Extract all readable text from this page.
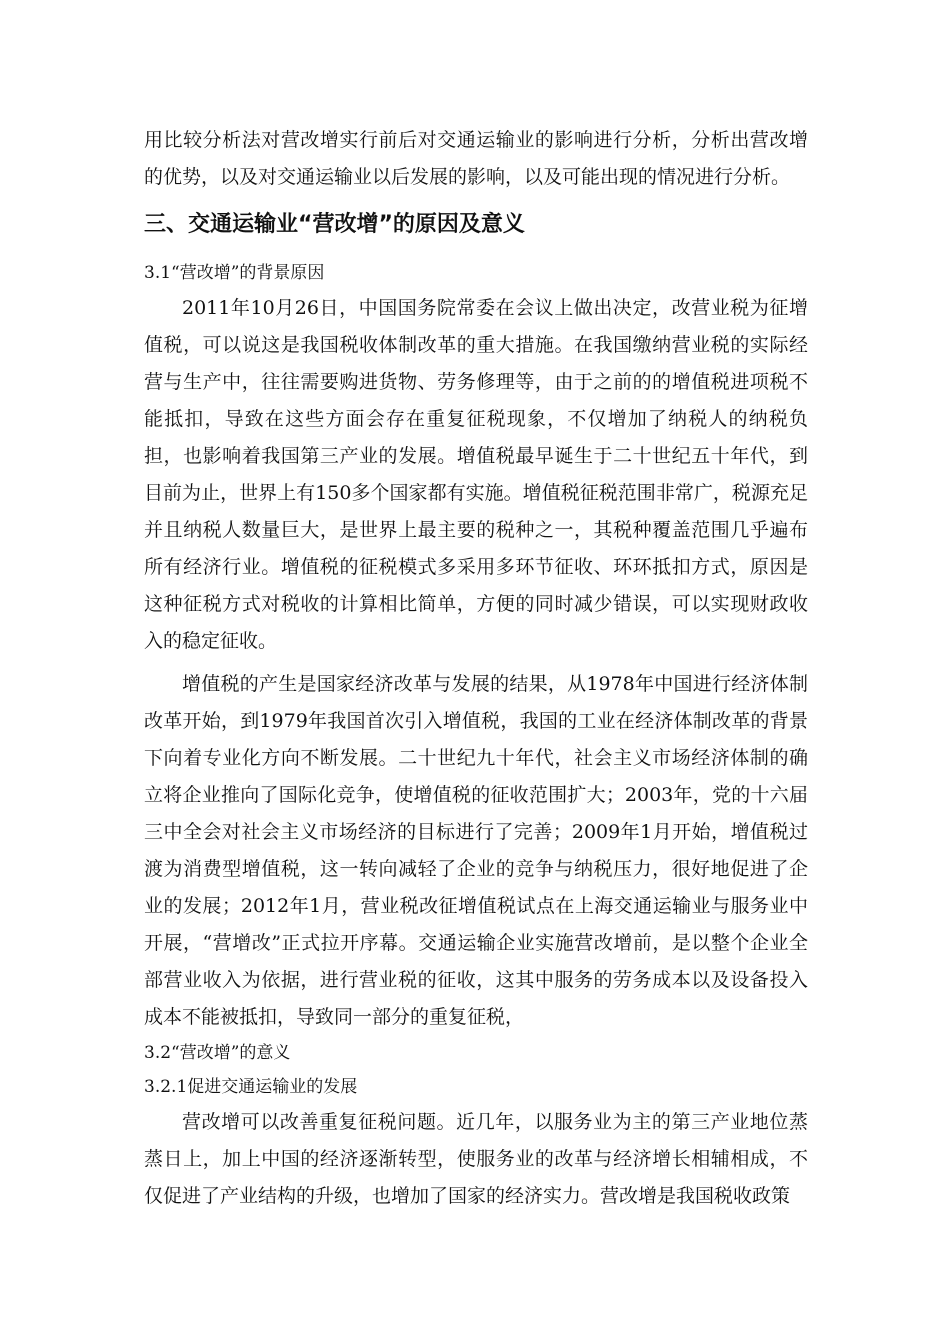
用比较分析法对营改增实行前后对交通运输业的影响进行分析，分析出营改增的优势，以及对交通运输业以后发展的影响，以及可能出现的情况进行分析。

三、交通运输业“营改增”的原因及意义

3.1“营改增”的背景原因

2011年10月26日，中国国务院常委在会议上做出决定，改营业税为征增值税，可以说这是我国税收体制改革的重大措施。在我国缴纳营业税的实际经营与生产中，往往需要购进货物、劳务修理等，由于之前的的增值税进项税不能抵扣，导致在这些方面会存在重复征税现象，不仅增加了纳税人的纳税负担，也影响着我国第三产业的发展。增值税最早诞生于二十世纪五十年代，到目前为止，世界上有150多个国家都有实施。增值税征税范围非常广，税源充足并且纳税人数量巨大，是世界上最主要的税种之一，其税种覆盖范围几乎遍布所有经济行业。增值税的征税模式多采用多环节征收、环环抵扣方式，原因是这种征税方式对税收的计算相比简单，方便的同时减少错误，可以实现财政收入的稳定征收。

增值税的产生是国家经济改革与发展的结果，从1978年中国进行经济体制改革开始，到1979年我国首次引入增值税，我国的工业在经济体制改革的背景下向着专业化方向不断发展。二十世纪九十年代，社会主义市场经济体制的确立将企业推向了国际化竞争，使增值税的征收范围扩大；2003年，党的十六届三中全会对社会主义市场经济的目标进行了完善；2009年1月开始，增值税过渡为消费型增值税，这一转向减轻了企业的竞争与纳税压力，很好地促进了企业的发展；2012年1月，营业税改征增值税试点在上海交通运输业与服务业中开展，“营增改”正式拉开序幕。交通运输企业实施营改增前，是以整个企业全部营业收入为依据，进行营业税的征收，这其中服务的劳务成本以及设备投入成本不能被抵扣，导致同一部分的重复征税，

3.2“营改增”的意义

3.2.1促进交通运输业的发展

营改增可以改善重复征税问题。近几年，以服务业为主的第三产业地位蒸蒸日上，加上中国的经济逐渐转型，使服务业的改革与经济增长相辅相成，不仅促进了产业结构的升级，也增加了国家的经济实力。营改增是我国税收政策
